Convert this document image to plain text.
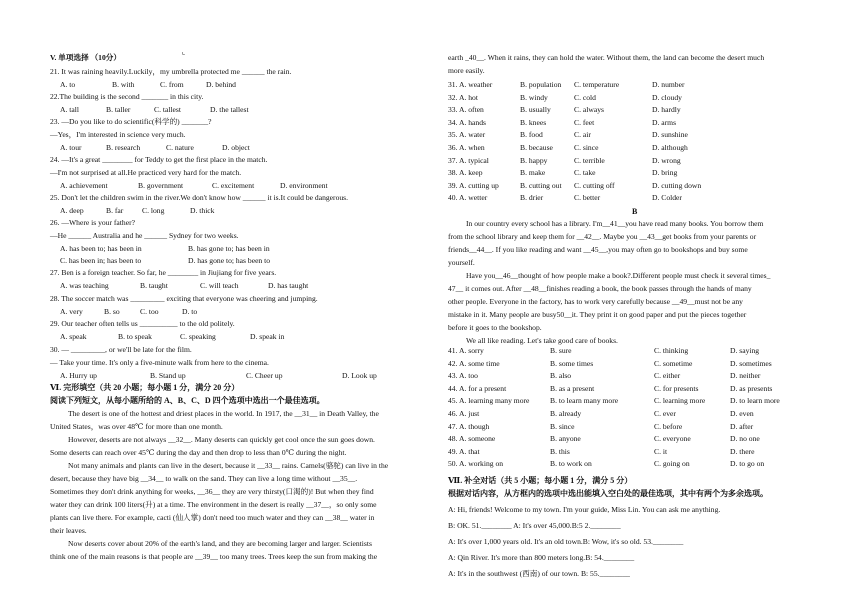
V. 单项选择 （10分）	ᒡ
21. It was raining heavily.Luckily，my umbrella protected me ______ the rain.
A. to	B. with	C. from	D. behind
22.The building is the second _______ in this city.
A. tall	B. taller	C. tallest	D. the tallest
23. —Do you like to do scientific(科学的) _______?
—Yes，I'm interested in science very much.
A. tour	B. research	C. nature	D. object
24. —It's a great ________ for Teddy to get the first place in the match.
—I'm not surprised at all.He practiced very hard for the match.
A. achievement	B. government	C. excitement	D. environment
25. Don't let the children swim in the river.We don't know how ______ it is.It could be dangerous.
A. deep	B. far C. long	D. thick
26. —Where is your father?
—He ______ Australia and he ______ Sydney for two weeks.
A. has been to; has been in	B. has gone to; has been in
C. has been in; has been to	D. has gone to; has been to
27. Ben is a foreign teacher. So far, he ________ in Jiujiang for five years.
A. was teaching	B. taught	C. will teach	D. has taught
28. The soccer match was _________ exciting that everyone was cheering and jumping.
A. very	B. so	C. too	D. to
29. Our teacher often tells us __________ to the old politely.
A. speak	B. to speak	C. speaking	D. speak in
30. — _________, or we'll be late for the film.
— Take your time. It's only a five-minute walk from here to the cinema.
A. Hurry up	B. Stand up	C. Cheer up	D. Look up
Ⅵ. 完形填空（共 20 小题；每小题 1 分，满分 20 分）
阅读下列短文，从每小题所给的 A、B、C、D 四个选项中选出一个最佳选项。
The desert is one of the hottest and driest places in the world. In 1917, the __31__ in Death Valley, the
United States，was over 48℃ for more than one month.
However, deserts are not always __32__. Many deserts can quickly get cool once the sun goes down.
Some deserts can reach over 45℃ during the day and then drop to less than 0℃ during the night.
Not many animals and plants can live in the desert, because it __33__ rains. Camels(骆驼) can live in the
desert, because they have big __34__ to walk on the sand. They can live a long time without __35__.
Sometimes they don't drink anything for weeks, __36__ they are very thirsty(口渴的)! But when they find
water they can drink 100 liters(升) at a time. The environment in the desert is really __37__，so only some
plants can live there. For example, cacti (仙人掌) don't need too much water and they can __38__ water in
their leaves.
Now deserts cover about 20% of the earth's land, and they are becoming larger and larger. Scientists
think one of the main reasons is that people are __39__ too many trees. Trees keep the sun from making the
earth _40__. When it rains, they can hold the water. Without them, the land can become the desert much
more easily.
31. A. weather	B. population C. temperature	D. number
32. A. hot	B. windy	C. cold	D. cloudy
33. A. often	B. usually	C. always	D. hardly
34. A. hands	B. knees	C. feet	D. arms
35. A. water	B. food	C. air	D. sunshine
36. A. when	B. because	C. since	D. although
37. A. typical	B. happy	C. terrible	D. wrong
38. A. keep	B. make	C. take	D. bring
39. A. cutting up	B. cutting out C. cutting off	D. cutting down
40. A. wetter	B. drier	C. better	D. Colder
B
In our country every school has a library. I'm__41__you have read many books. You borrow them
from the school library and keep them for __42__. Maybe you __43__get books from your parents or
friends__44__. If you like reading and want __45__,you may often go to bookshops and buy some
yourself.
Have you__46__thought of how people make a book?.Different people must check it several times_
47__ it comes out. After __48__finishes reading a book, the book passes through the hands of many
other people. Everyone in the factory, has to work very carefully because __49__must not be any
mistake in it. Many people are busy50__it. They print it on good paper and put the pieces together
before it goes to the bookshop.
We all like reading. Let's take good care of books.
41. A. sorry	B. sure	C. thinking	D. saying
42. A. some time	B. some times	C. sometime	D. sometimes
43. A. too	B. also	C. either	D. neither
44. A. for a present	B. as a present	C. for presents	D. as presents
45. A. learning many more	B. to learn many more	C. learning more	D. to learn more
46. A. just	B. already	C. ever	D. even
47. A. though	B. since	C. before	D. after
48. A. someone	B. anyone	C. everyone	D. no one
49. A. that	B. this	C. it	D. there
50. A. working on	B. to work on	C. going on	D. to go on
Ⅶ. 补全对话（共 5 小题；每小题 1 分，满分 5 分）
根据对话内容，从方框内的选项中选出能填入空白处的最佳选项，其中有两个为多余选项。
A: Hi, friends! Welcome to my town. I'm your guide, Miss Lin. You can ask me anything.
B: OK. 51.________ A: It's over 45,000.B:5 2.________
A: It's over 1,000 years old. It's an old town.B: Wow, it's so old. 53.________
A: Qin River. It's more than 800 meters long.B: 54.________
A: It's in the southwest (西南) of our town. B: 55.________
